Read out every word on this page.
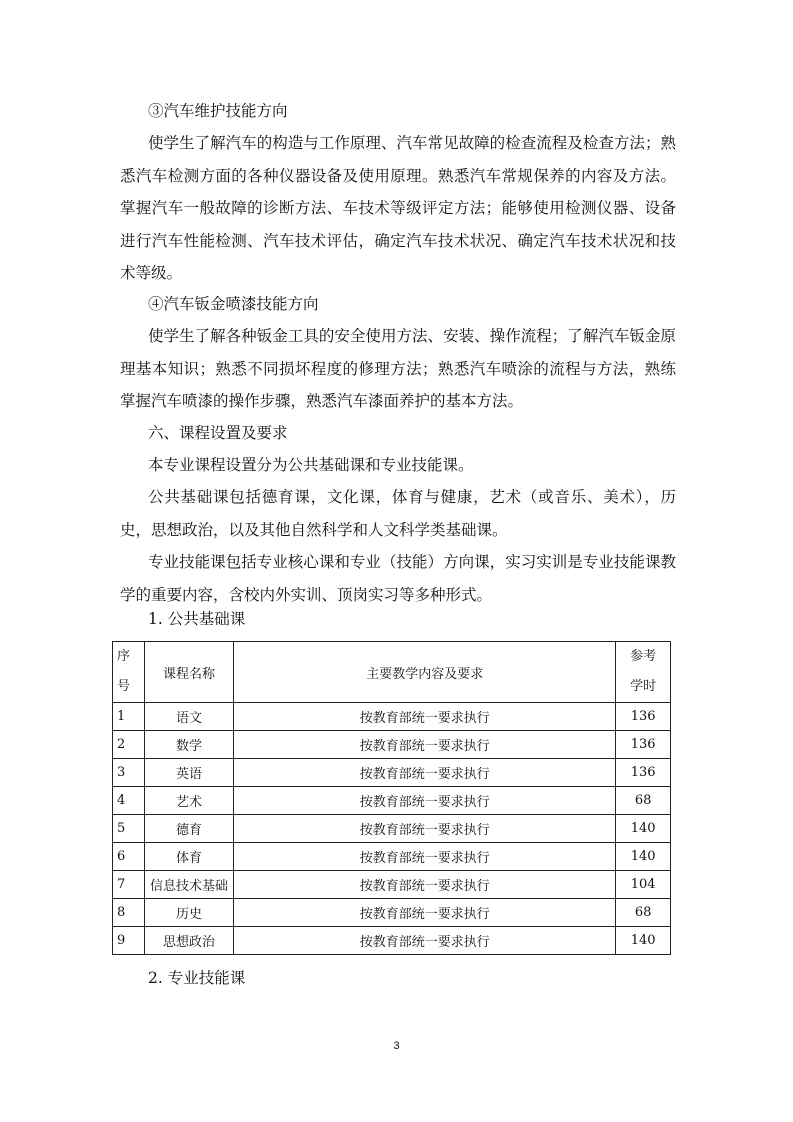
③汽车维护技能方向
使学生了解汽车的构造与工作原理、汽车常见故障的检查流程及检查方法；熟悉汽车检测方面的各种仪器设备及使用原理。熟悉汽车常规保养的内容及方法。掌握汽车一般故障的诊断方法、车技术等级评定方法；能够使用检测仪器、设备进行汽车性能检测、汽车技术评估，确定汽车技术状况、确定汽车技术状况和技术等级。
④汽车钣金喷漆技能方向
使学生了解各种钣金工具的安全使用方法、安装、操作流程；了解汽车钣金原理基本知识；熟悉不同损坏程度的修理方法；熟悉汽车喷涂的流程与方法，熟练掌握汽车喷漆的操作步骤，熟悉汽车漆面养护的基本方法。
六、课程设置及要求
本专业课程设置分为公共基础课和专业技能课。
公共基础课包括德育课，文化课，体育与健康，艺术（或音乐、美术），历史，思想政治，以及其他自然科学和人文科学类基础课。
专业技能课包括专业核心课和专业（技能）方向课，实习实训是专业技能课教学的重要内容，含校内外实训、顶岗实习等多种形式。
1. 公共基础课
序
号	课程名称	主要教学内容及要求	参考
学时
1	语文	按教育部统一要求执行	136
2	数学	按教育部统一要求执行	136
3	英语	按教育部统一要求执行	136
4	艺术	按教育部统一要求执行	68
5	德育	按教育部统一要求执行	140
6	体育	按教育部统一要求执行	140
7	信息技术基础	按教育部统一要求执行	104
8	历史	按教育部统一要求执行	68
9	思想政治	按教育部统一要求执行	140
2. 专业技能课
3
